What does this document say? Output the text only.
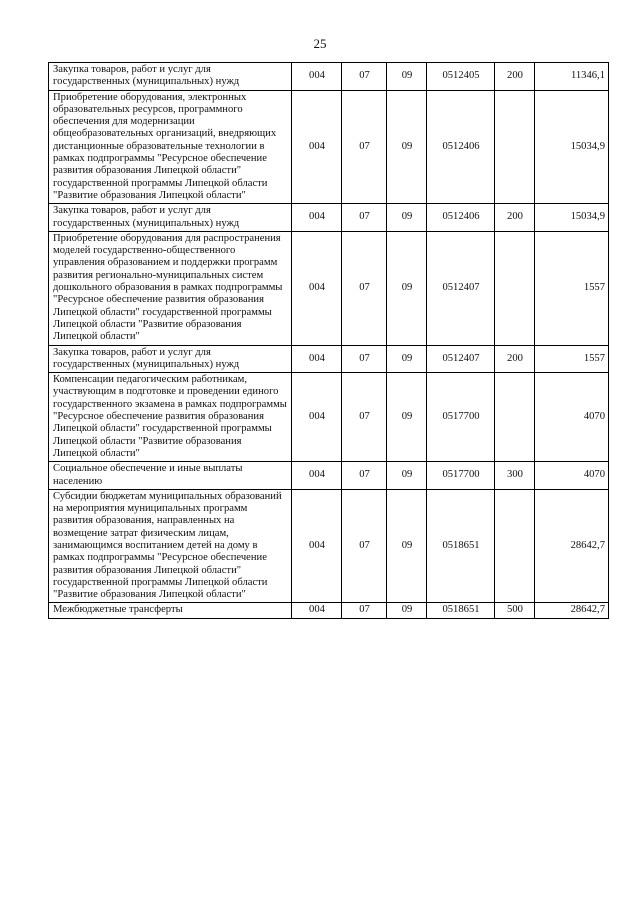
25
Закупка товаров, работ и услуг для государственных (муниципальных) нужд	004	07	09	0512405	200	11346,1
Приобретение оборудования, электронных образовательных ресурсов, программного обеспечения для модернизации общеобразовательных организаций, внедряющих дистанционные образовательные технологии в рамках подпрограммы "Ресурсное обеспечение развития образования Липецкой области" государственной программы Липецкой области "Развитие образования Липецкой области"	004	07	09	0512406		15034,9
Закупка товаров, работ и услуг для государственных (муниципальных) нужд	004	07	09	0512406	200	15034,9
Приобретение оборудования для распространения моделей государственно-общественного управления образованием и поддержки программ развития регионально-муниципальных систем дошкольного образования в рамках подпрограммы "Ресурсное обеспечение развития образования Липецкой области" государственной программы Липецкой области "Развитие образования Липецкой области"	004	07	09	0512407		1557
Закупка товаров, работ и услуг для государственных (муниципальных) нужд	004	07	09	0512407	200	1557
Компенсации педагогическим работникам, участвующим в подготовке и проведении единого государственного экзамена в рамках подпрограммы "Ресурсное обеспечение развития образования Липецкой области" государственной программы Липецкой области "Развитие образования Липецкой области"	004	07	09	0517700		4070
Социальное обеспечение и иные выплаты населению	004	07	09	0517700	300	4070
Субсидии бюджетам муниципальных образований на мероприятия муниципальных программ развития образования, направленных на возмещение затрат физическим лицам, занимающимся воспитанием детей на дому в рамках подпрограммы "Ресурсное обеспечение развития образования Липецкой области" государственной программы Липецкой области "Развитие образования Липецкой области"	004	07	09	0518651		28642,7
Межбюджетные трансферты	004	07	09	0518651	500	28642,7
